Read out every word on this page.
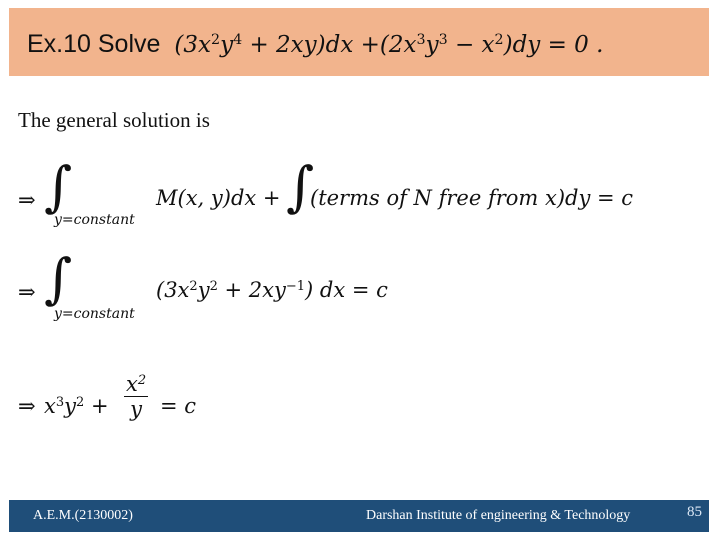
Ex.10 Solve $(3x^2y^4 + 2xy)dx +(2x^3y^3 - x^2)dy = 0$ .
The general solution is
⇒ ∫
y=constant
M(x, y)dx + ∫
(terms of N free from x)dy = c
⇒ ∫
y=constant
$(3x^2y^2 + 2xy^{-1})$ dx = c
⇒ $x^3y^2 + \frac{x^2}{y} = c$
A.E.M.(2130002)	Darshan Institute of engineering & Technology	85
